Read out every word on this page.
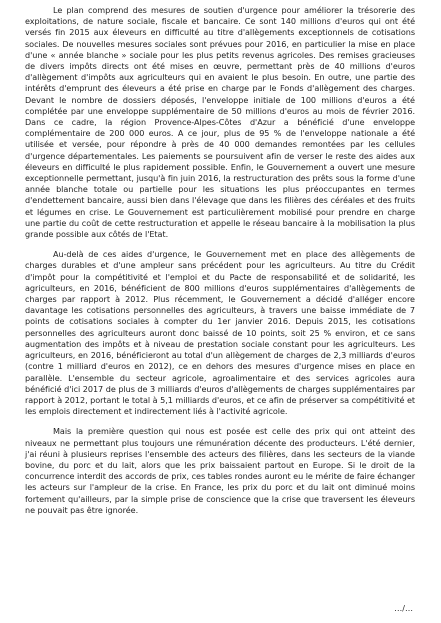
Le plan comprend des mesures de soutien d'urgence pour améliorer la trésorerie des exploitations, de nature sociale, fiscale et bancaire. Ce sont 140 millions d'euros qui ont été versés fin 2015 aux éleveurs en difficulté au titre d'allègements exceptionnels de cotisations sociales. De nouvelles mesures sociales sont prévues pour 2016, en particulier la mise en place d'une « année blanche » sociale pour les plus petits revenus agricoles. Des remises gracieuses de divers impôts directs ont été mises en œuvre, permettant près de 40 millions d'euros d'allègement d'impôts aux agriculteurs qui en avaient le plus besoin. En outre, une partie des intérêts d'emprunt des éleveurs a été prise en charge par le Fonds d'allègement des charges. Devant le nombre de dossiers déposés, l'enveloppe initiale de 100 millions d'euros a été complétée par une enveloppe supplémentaire de 50 millions d'euros au mois de février 2016. Dans ce cadre, la région Provence-Alpes-Côtes d'Azur a bénéficié d'une enveloppe complémentaire de 200 000 euros. A ce jour, plus de 95 % de l'enveloppe nationale a été utilisée et versée, pour répondre à près de 40 000 demandes remontées par les cellules d'urgence départementales. Les paiements se poursuivent afin de verser le reste des aides aux éleveurs en difficulté le plus rapidement possible. Enfin, le Gouvernement a ouvert une mesure exceptionnelle permettant, jusqu'à fin juin 2016, la restructuration des prêts sous la forme d'une année blanche totale ou partielle pour les situations les plus préoccupantes en termes d'endettement bancaire, aussi bien dans l'élevage que dans les filières des céréales et des fruits et légumes en crise. Le Gouvernement est particulièrement mobilisé pour prendre en charge une partie du coût de cette restructuration et appelle le réseau bancaire à la mobilisation la plus grande possible aux côtés de l'Etat.

Au-delà de ces aides d'urgence, le Gouvernement met en place des allègements de charges durables et d'une ampleur sans précédent pour les agriculteurs. Au titre du Crédit d'impôt pour la compétitivité et l'emploi et du Pacte de responsabilité et de solidarité, les agriculteurs, en 2016, bénéficient de 800 millions d'euros supplémentaires d'allègements de charges par rapport à 2012. Plus récemment, le Gouvernement a décidé d'alléger encore davantage les cotisations personnelles des agriculteurs, à travers une baisse immédiate de 7 points de cotisations sociales à compter du 1er janvier 2016. Depuis 2015, les cotisations personnelles des agriculteurs auront donc baissé de 10 points, soit 25 % environ, et ce sans augmentation des impôts et à niveau de prestation sociale constant pour les agriculteurs. Les agriculteurs, en 2016, bénéficieront au total d'un allègement de charges de 2,3 milliards d'euros (contre 1 milliard d'euros en 2012), ce en dehors des mesures d'urgence mises en place en parallèle. L'ensemble du secteur agricole, agroalimentaire et des services agricoles aura bénéficié d'ici 2017 de plus de 3 milliards d'euros d'allègements de charges supplémentaires par rapport à 2012, portant le total à 5,1 milliards d'euros, et ce afin de préserver sa compétitivité et les emplois directement et indirectement liés à l'activité agricole.

Mais la première question qui nous est posée est celle des prix qui ont atteint des niveaux ne permettant plus toujours une rémunération décente des producteurs. L'été dernier, j'ai réuni à plusieurs reprises l'ensemble des acteurs des filières, dans les secteurs de la viande bovine, du porc et du lait, alors que les prix baissaient partout en Europe. Si le droit de la concurrence interdit des accords de prix, ces tables rondes auront eu le mérite de faire échanger les acteurs sur l'ampleur de la crise. En France, les prix du porc et du lait ont diminué moins fortement qu'ailleurs, par la simple prise de conscience que la crise que traversent les éleveurs ne pouvait pas être ignorée.

…/…
